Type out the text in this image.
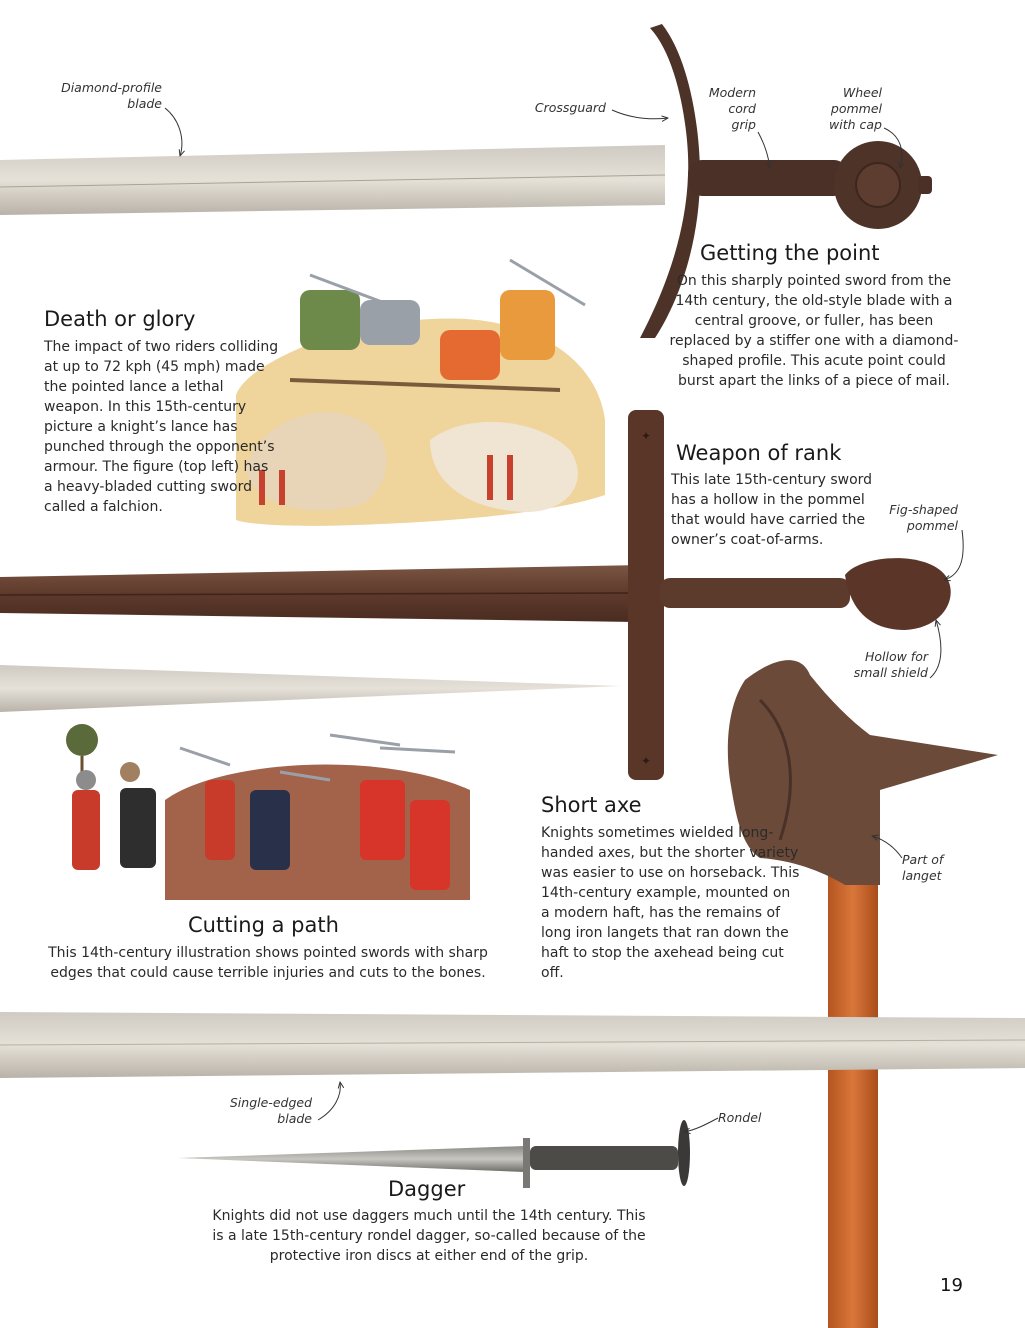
✦
✦
Getting the point

On this sharply pointed sword from the 14th century, the old-style blade with a central groove, or fuller, has been replaced by a stiffer one with a diamond-shaped profile. This acute point could burst apart the links of a piece of mail.

Death or glory

The impact of two riders colliding at up to 72 kph (45 mph) made the pointed lance a lethal weapon. In this 15th-century picture a knight’s lance has punched through the opponent’s armour. The figure (top left) has a heavy-bladed cutting sword called a falchion.

Weapon of rank

This late 15th-century sword has a hollow in the pommel that would have carried the owner’s coat-of-arms.

Short axe

Knights sometimes wielded long-handed axes, but the shorter variety was easier to use on horseback. This 14th-century example, mounted on a modern haft, has the remains of long iron langets that ran down the haft to stop the axehead being cut off.

Cutting a path

This 14th-century illustration shows pointed swords with sharp edges that could cause terrible injuries and cuts to the bones.

Dagger

Knights did not use daggers much until the 14th century. This is a late 15th-century rondel dagger, so-called because of the protective iron discs at either end of the grip.

Diamond-profile blade	Crossguard

Modern cord grip

Wheel pommel with cap

Fig-shaped pommel

Hollow for small shield

Part of langet

Single-edged blade	Rondel

19
